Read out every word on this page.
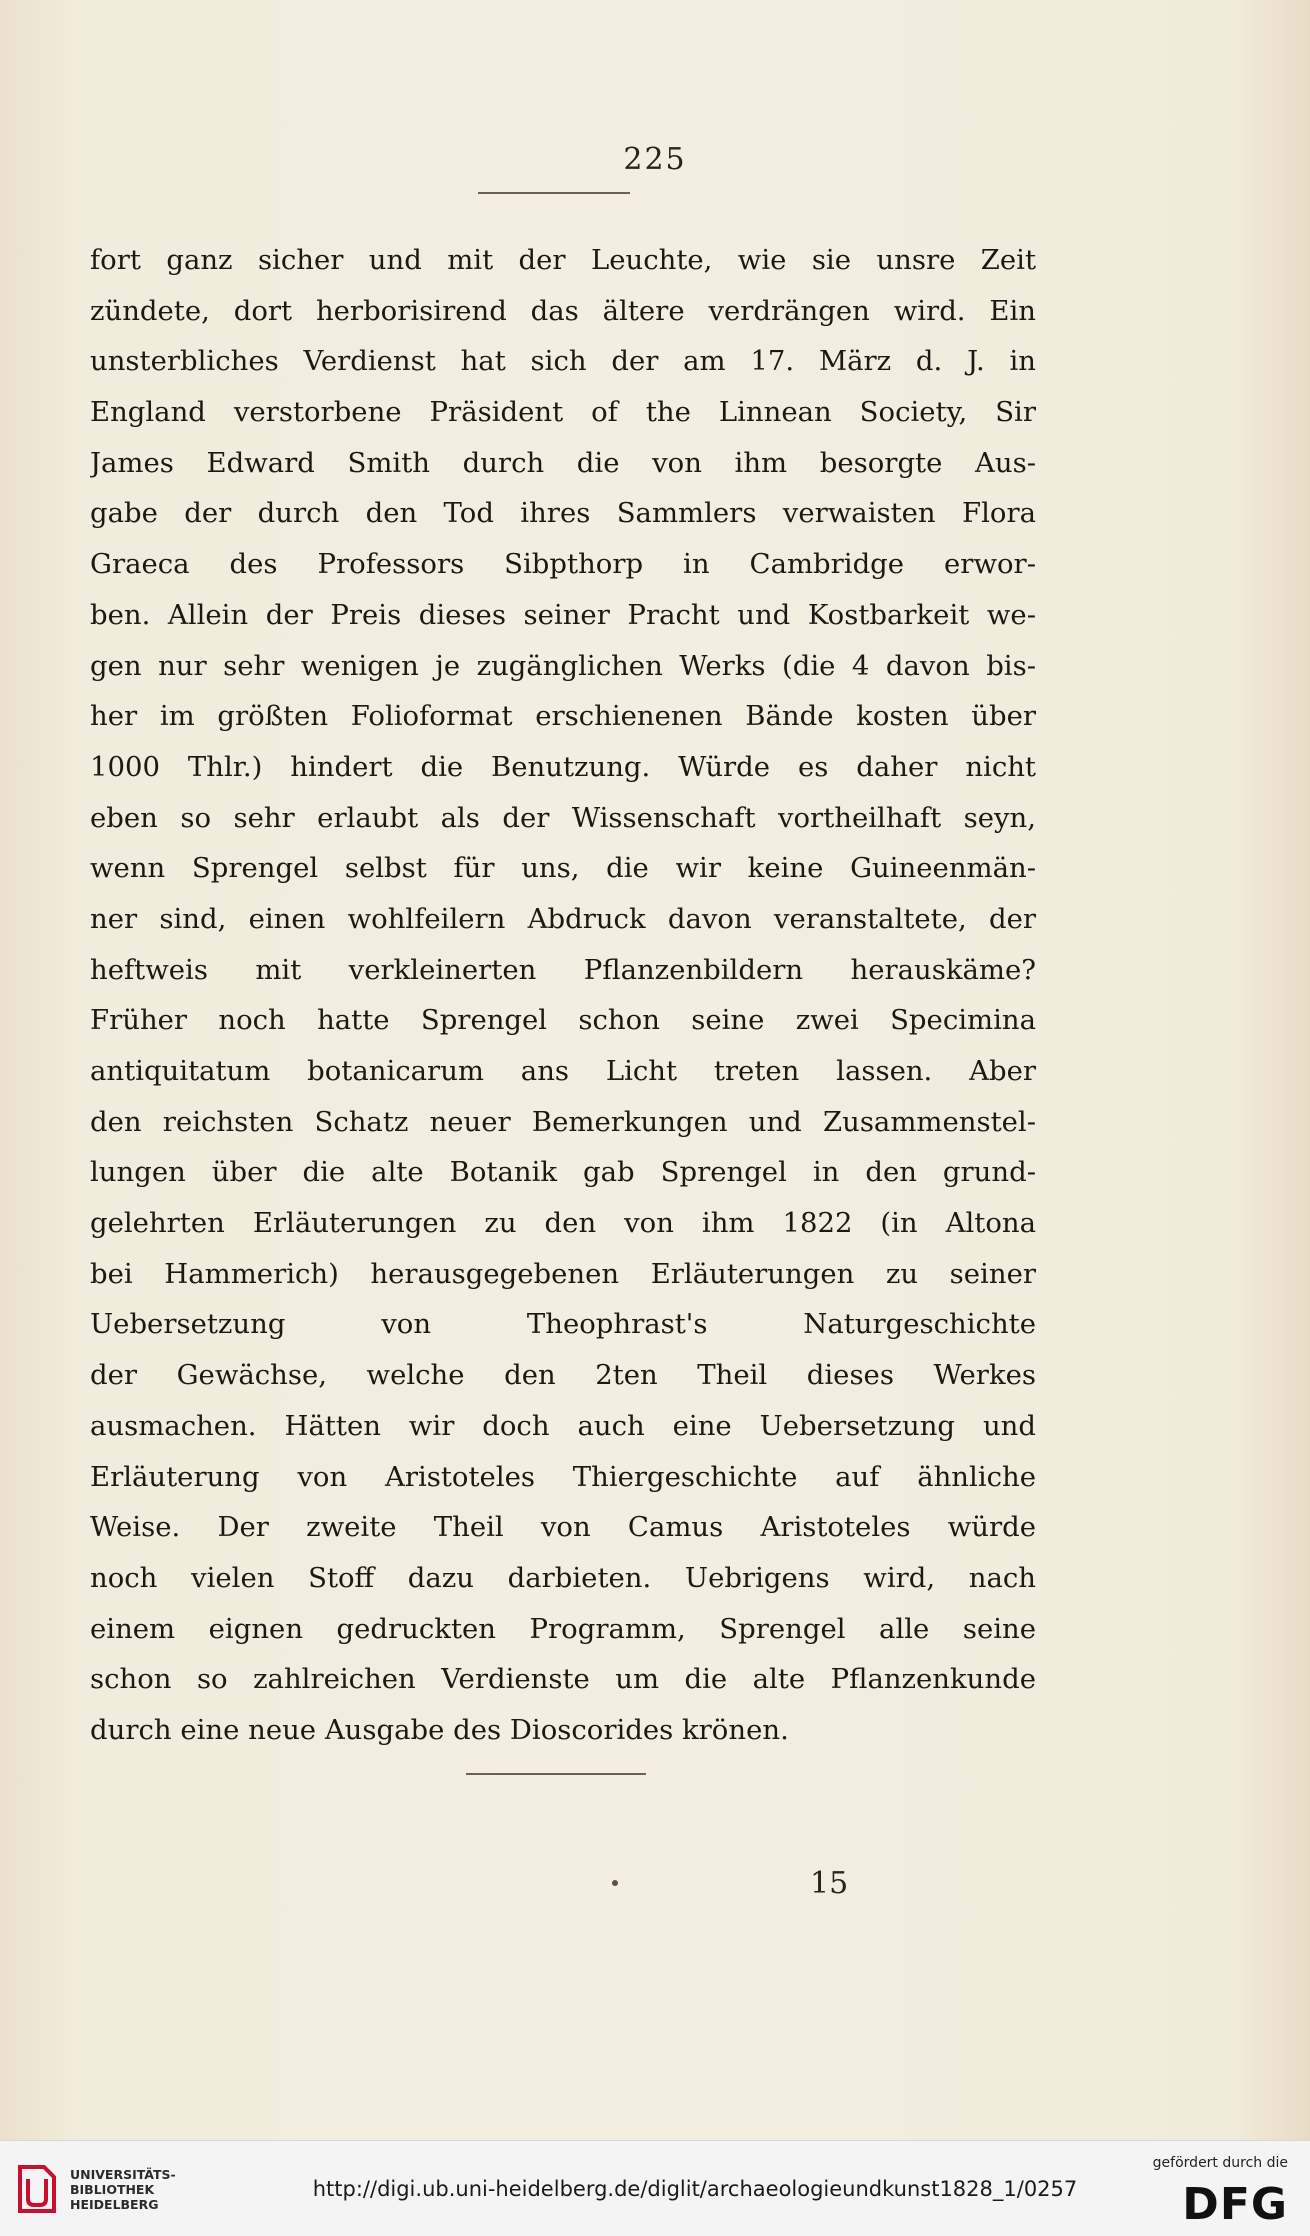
225
fort ganz sicher und mit der Leuchte, wie sie unsre Zeit
zündete, dort herborisirend das ältere verdrängen wird. Ein
unsterbliches Verdienst hat sich der am 17. März d. J. in
England verstorbene Präsident of the Linnean Society, Sir
James Edward Smith durch die von ihm besorgte Aus-
gabe der durch den Tod ihres Sammlers verwaisten Flora
Graeca des Professors Sibpthorp in Cambridge erwor-
ben. Allein der Preis dieses seiner Pracht und Kostbarkeit we-
gen nur sehr wenigen je zugänglichen Werks (die 4 davon bis-
her im größten Folioformat erschienenen Bände kosten über
1000 Thlr.) hindert die Benutzung. Würde es daher nicht
eben so sehr erlaubt als der Wissenschaft vortheilhaft seyn,
wenn Sprengel selbst für uns, die wir keine Guineenmän-
ner sind, einen wohlfeilern Abdruck davon veranstaltete, der
heftweis mit verkleinerten Pflanzenbildern herauskäme?
Früher noch hatte Sprengel schon seine zwei Specimina
antiquitatum botanicarum ans Licht treten lassen. Aber
den reichsten Schatz neuer Bemerkungen und Zusammenstel-
lungen über die alte Botanik gab Sprengel in den grund-
gelehrten Erläuterungen zu den von ihm 1822 (in Altona
bei Hammerich) herausgegebenen Erläuterungen zu seiner
Uebersetzung von Theophrast's Naturgeschichte
der Gewächse, welche den 2ten Theil dieses Werkes
ausmachen. Hätten wir doch auch eine Uebersetzung und
Erläuterung von Aristoteles Thiergeschichte auf ähnliche
Weise. Der zweite Theil von Camus Aristoteles würde
noch vielen Stoff dazu darbieten. Uebrigens wird, nach
einem eignen gedruckten Programm, Sprengel alle seine
schon so zahlreichen Verdienste um die alte Pflanzenkunde
durch eine neue Ausgabe des Dioscorides krönen.
15
UNIVERSITÄTS-
BIBLIOTHEK
HEIDELBERG
http://digi.ub.uni-heidelberg.de/diglit/archaeologieundkunst1828_1/0257
gefördert durch die
DFG
